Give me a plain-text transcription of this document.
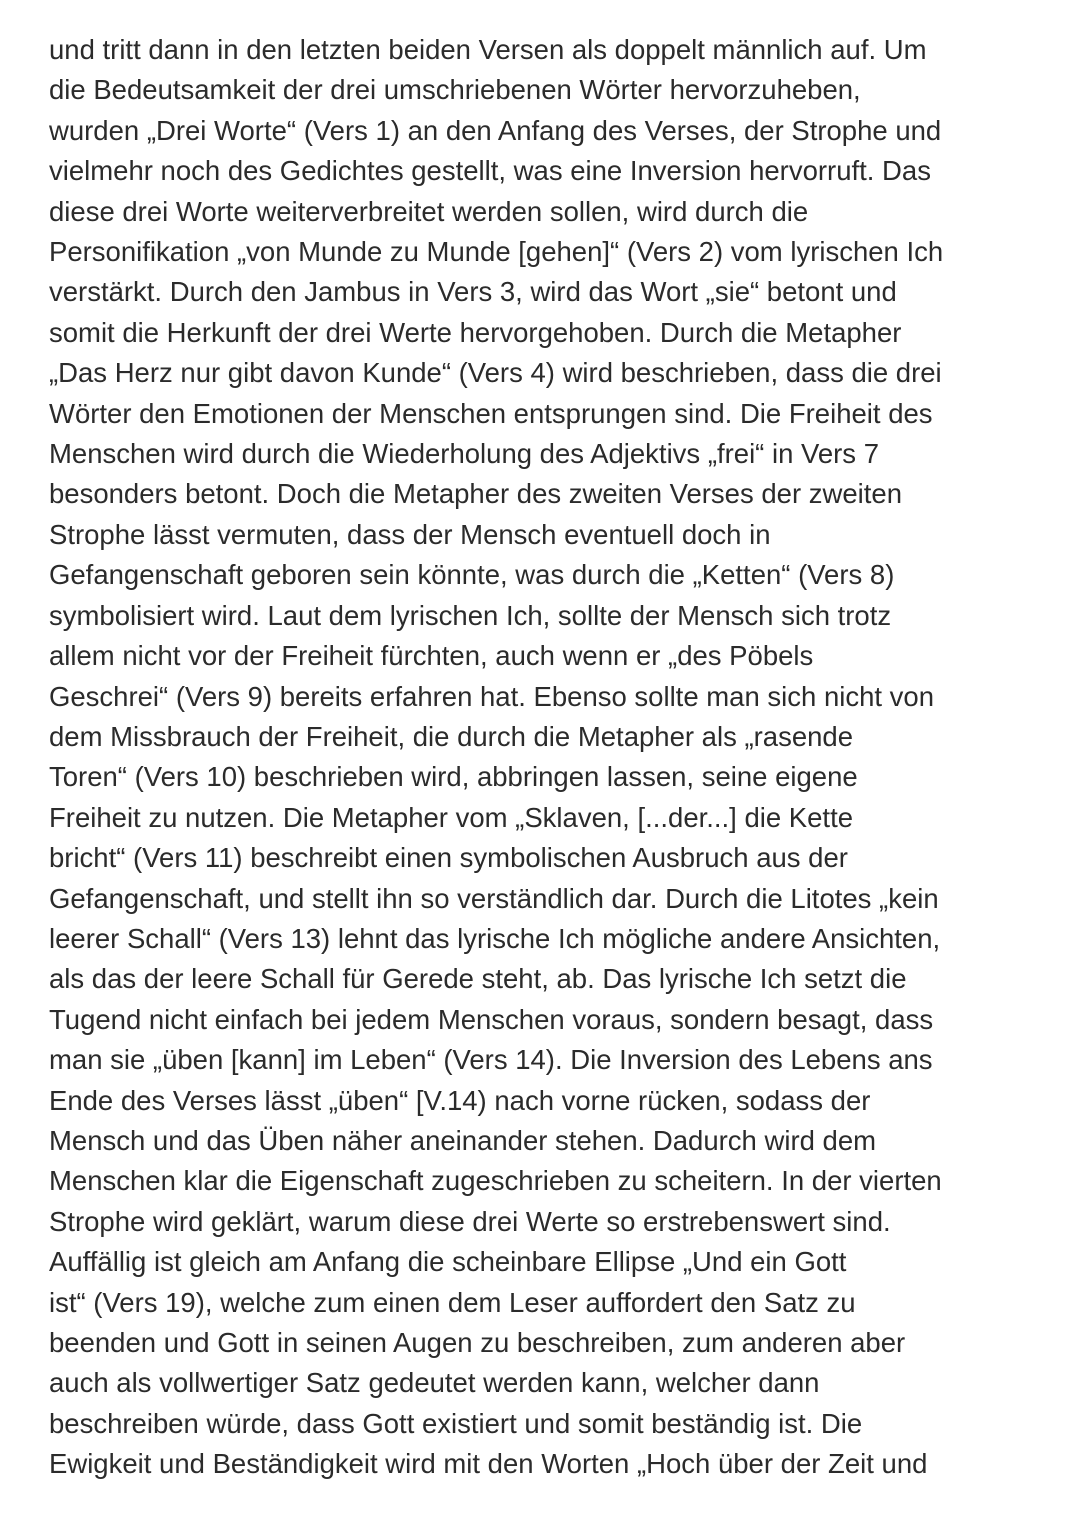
und tritt dann in den letzten beiden Versen als doppelt männlich auf. Um
die Bedeutsamkeit der drei umschriebenen Wörter hervorzuheben,
wurden „Drei Worte“ (Vers 1) an den Anfang des Verses, der Strophe und
vielmehr noch des Gedichtes gestellt, was eine Inversion hervorruft. Das
diese drei Worte weiterverbreitet werden sollen, wird durch die
Personifikation „von Munde zu Munde [gehen]“ (Vers 2) vom lyrischen Ich
verstärkt. Durch den Jambus in Vers 3, wird das Wort „sie“ betont und
somit die Herkunft der drei Werte hervorgehoben. Durch die Metapher
„Das Herz nur gibt davon Kunde“ (Vers 4) wird beschrieben, dass die drei
Wörter den Emotionen der Menschen entsprungen sind. Die Freiheit des
Menschen wird durch die Wiederholung des Adjektivs „frei“ in Vers 7
besonders betont. Doch die Metapher des zweiten Verses der zweiten
Strophe lässt vermuten, dass der Mensch eventuell doch in
Gefangenschaft geboren sein könnte, was durch die „Ketten“ (Vers 8)
symbolisiert wird. Laut dem lyrischen Ich, sollte der Mensch sich trotz
allem nicht vor der Freiheit fürchten, auch wenn er „des Pöbels
Geschrei“ (Vers 9) bereits erfahren hat. Ebenso sollte man sich nicht von
dem Missbrauch der Freiheit, die durch die Metapher als „rasende
Toren“ (Vers 10) beschrieben wird, abbringen lassen, seine eigene
Freiheit zu nutzen. Die Metapher vom „Sklaven, [...der...] die Kette
bricht“ (Vers 11) beschreibt einen symbolischen Ausbruch aus der
Gefangenschaft, und stellt ihn so verständlich dar. Durch die Litotes „kein
leerer Schall“ (Vers 13) lehnt das lyrische Ich mögliche andere Ansichten,
als das der leere Schall für Gerede steht, ab. Das lyrische Ich setzt die
Tugend nicht einfach bei jedem Menschen voraus, sondern besagt, dass
man sie „üben [kann] im Leben“ (Vers 14). Die Inversion des Lebens ans
Ende des Verses lässt „üben“ [V.14) nach vorne rücken, sodass der
Mensch und das Üben näher aneinander stehen. Dadurch wird dem
Menschen klar die Eigenschaft zugeschrieben zu scheitern. In der vierten
Strophe wird geklärt, warum diese drei Werte so erstrebenswert sind.
Auffällig ist gleich am Anfang die scheinbare Ellipse „Und ein Gott
ist“ (Vers 19), welche zum einen dem Leser auffordert den Satz zu
beenden und Gott in seinen Augen zu beschreiben, zum anderen aber
auch als vollwertiger Satz gedeutet werden kann, welcher dann
beschreiben würde, dass Gott existiert und somit beständig ist. Die
Ewigkeit und Beständigkeit wird mit den Worten „Hoch über der Zeit und
